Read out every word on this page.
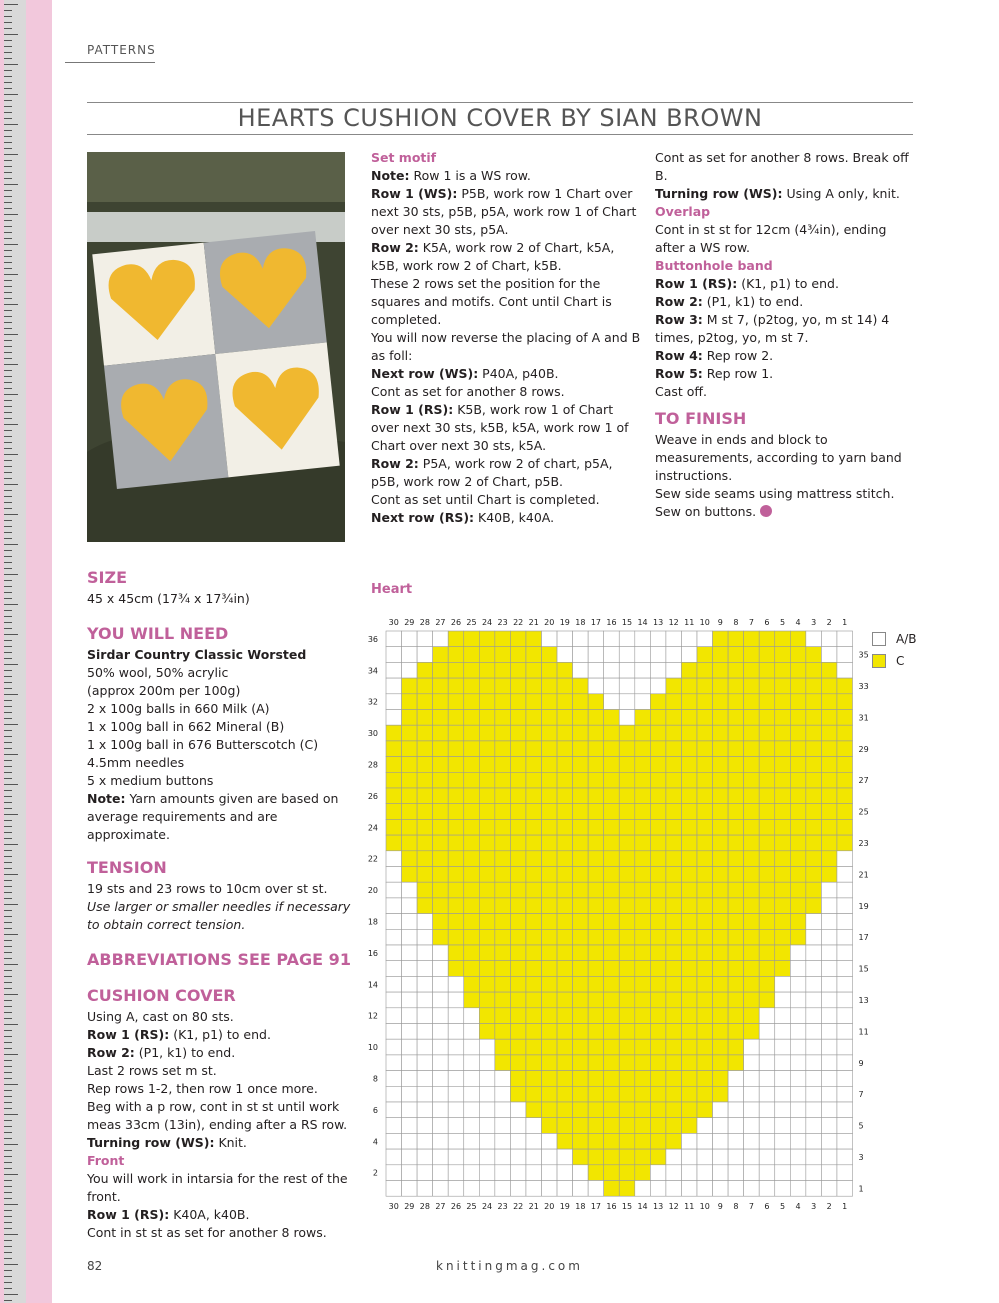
PATTERNS
HEARTS CUSHION COVER BY SIAN BROWN

Set motif

Note: Row 1 is a WS row.

Row 1 (WS): P5B, work row 1 Chart over next 30 sts, p5B, p5A, work row 1 of Chart over next 30 sts, p5A.

Row 2: K5A, work row 2 of Chart, k5A, k5B, work row 2 of Chart, k5B.

These 2 rows set the position for the squares and motifs. Cont until Chart is completed.

You will now reverse the placing of A and B as foll:

Next row (WS): P40A, p40B.

Cont as set for another 8 rows.

Row 1 (RS): K5B, work row 1 of Chart over next 30 sts, k5B, k5A, work row 1 of Chart over next 30 sts, k5A.

Row 2: P5A, work row 2 of chart, p5A, p5B, work row 2 of Chart, p5B.

Cont as set until Chart is completed.

Next row (RS): K40B, k40A.

Cont as set for another 8 rows. Break off B.

Turning row (WS): Using A only, knit.

Overlap

Cont in st st for 12cm (4¾in), ending after a WS row.

Buttonhole band

Row 1 (RS): (K1, p1) to end.

Row 2: (P1, k1) to end.

Row 3: M st 7, (p2tog, yo, m st 14) 4 times, p2tog, yo, m st 7.

Row 4: Rep row 2.

Row 5: Rep row 1.

Cast off.

TO FINISH

Weave in ends and block to measurements, according to yarn band instructions.

Sew side seams using mattress stitch.

Sew on buttons.

SIZE

45 x 45cm (17¾ x 17¾in)

YOU WILL NEED

Sirdar Country Classic Worsted

50% wool, 50% acrylic

(approx 200m per 100g)

2 x 100g balls in 660 Milk (A)

1 x 100g ball in 662 Mineral (B)

1 x 100g ball in 676 Butterscotch (C)

4.5mm needles

5 x medium buttons

Note: Yarn amounts given are based on average requirements and are approximate.

TENSION

19 sts and 23 rows to 10cm over st st.

Use larger or smaller needles if necessary to obtain correct tension.

ABBREVIATIONS SEE PAGE 91

CUSHION COVER

Using A, cast on 80 sts.

Row 1 (RS): (K1, p1) to end.

Row 2: (P1, k1) to end.

Last 2 rows set m st.

Rep rows 1-2, then row 1 once more.

Beg with a p row, cont in st st until work meas 33cm (13in), ending after a RS row.

Turning row (WS): Knit.

Front

You will work in intarsia for the rest of the front.

Row 1 (RS): K40A, k40B.

Cont in st st as set for another 8 rows.

Heart
30
30
29
29
28
28
27
27
26
26
25
25
24
24
23
23
22
22
21
21
20
20
19
19
18
18
17
17
16
16
15
15
14
14
13
13
12
12
11
11
10
10
9
9
8
8
7
7
6
6
5
5
4
4
3
3
2
2
1
1
36
34
32
30
28
26
24
22
20
18
16
14
12
10
8
6
4
2
35
33
31
29
27
25
23
21
19
17
15
13
11
9
7
5
3
1
A/B
C
82	knittingmag.com
